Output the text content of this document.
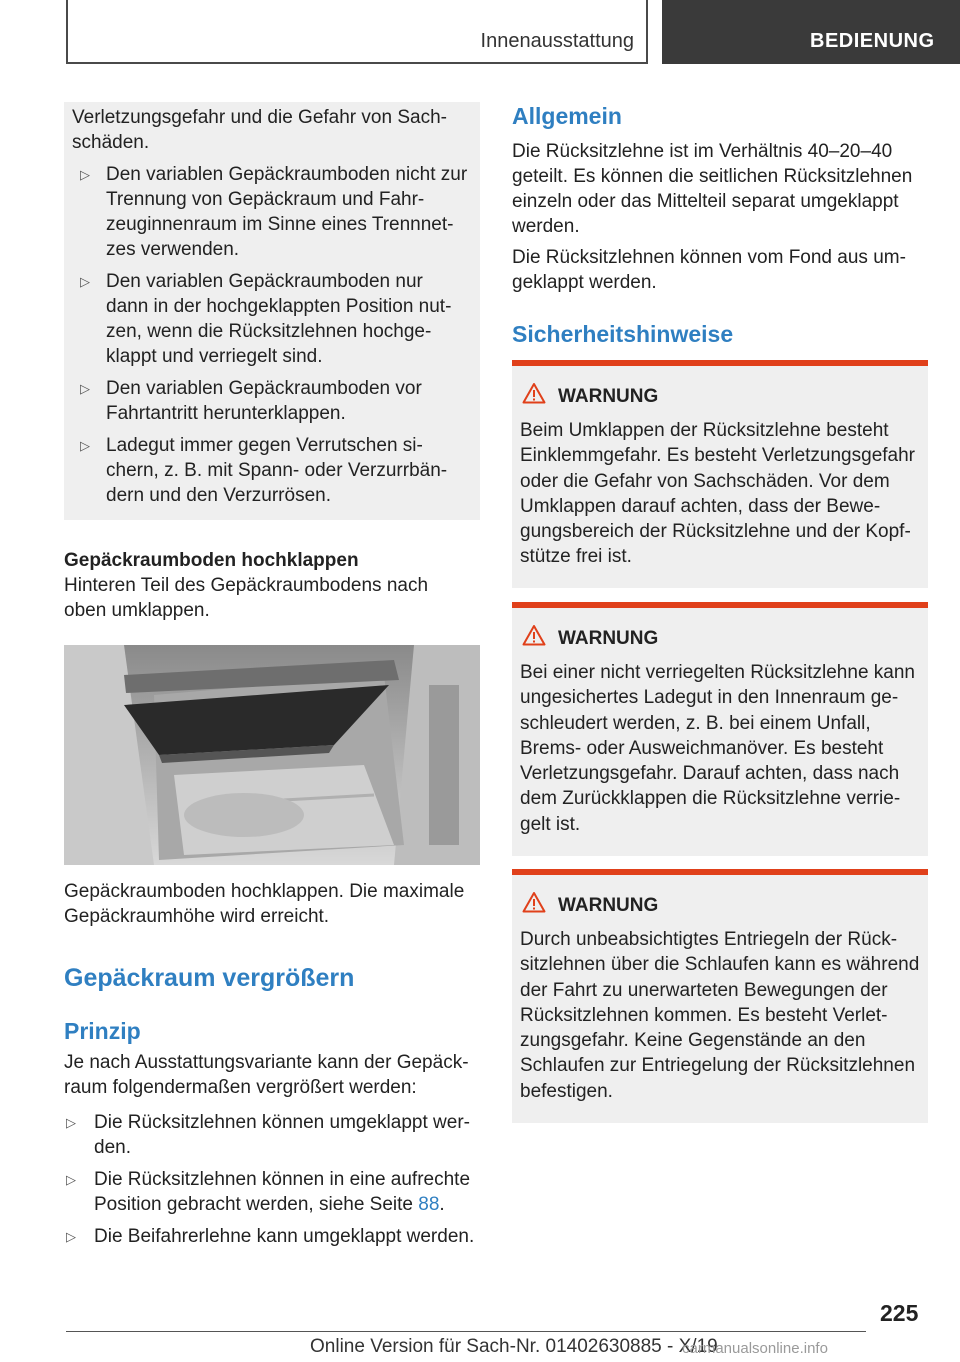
Innenausstattung	BEDIENUNG

Verletzungsgefahr und die Gefahr von Sach-

schäden.

▷ Den variablen Gepäckraumboden nicht zur

Trennung von Gepäckraum und Fahr-

zeuginnenraum im Sinne eines Trennnet-

zes verwenden.

▷ Den variablen Gepäckraumboden nur

dann in der hochgeklappten Position nut-

zen, wenn die Rücksitzlehnen hochge-

klappt und verriegelt sind.

▷ Den variablen Gepäckraumboden vor

Fahrtantritt herunterklappen.

▷ Ladegut immer gegen Verrutschen si-

chern, z. B. mit Spann- oder Verzurrbän-

dern und den Verzurrösen.

Gepäckraumboden hochklappen

Hinteren Teil des Gepäckraumbodens nach

oben umklappen.

Gepäckraumboden hochklappen. Die maximale

Gepäckraumhöhe wird erreicht.

Gepäckraum vergrößern
Prinzip

Je nach Ausstattungsvariante kann der Gepäck-

raum folgendermaßen vergrößert werden:

▷ Die Rücksitzlehnen können umgeklappt wer-

den.

▷ Die Rücksitzlehnen können in eine aufrechte

Position gebracht werden, siehe Seite 88.

▷ Die Beifahrerlehne kann umgeklappt werden.

Allgemein

Die Rücksitzlehne ist im Verhältnis 40–20–40

geteilt. Es können die seitlichen Rücksitzlehnen

einzeln oder das Mittelteil separat umgeklappt

werden.

Die Rücksitzlehnen können vom Fond aus um-

geklappt werden.

Sicherheitshinweise
WARNUNG
Beim Umklappen der Rücksitzlehne besteht
Einklemmgefahr. Es besteht Verletzungsgefahr
oder die Gefahr von Sachschäden. Vor dem
Umklappen darauf achten, dass der Bewe-
gungsbereich der Rücksitzlehne und der Kopf-
stütze frei ist.
WARNUNG
Bei einer nicht verriegelten Rücksitzlehne kann
ungesichertes Ladegut in den Innenraum ge-
schleudert werden, z. B. bei einem Unfall,
Brems- oder Ausweichmanöver. Es besteht
Verletzungsgefahr. Darauf achten, dass nach
dem Zurückklappen die Rücksitzlehne verrie-
gelt ist.
WARNUNG
Durch unbeabsichtigtes Entriegeln der Rück-
sitzlehnen über die Schlaufen kann es während
der Fahrt zu unerwarteten Bewegungen der
Rücksitzlehnen kommen. Es besteht Verlet-
zungsgefahr. Keine Gegenstände an den
Schlaufen zur Entriegelung der Rücksitzlehnen
befestigen.
225
Online Version für Sach-Nr. 01402630885 - X/19
carmanualsonline.info
